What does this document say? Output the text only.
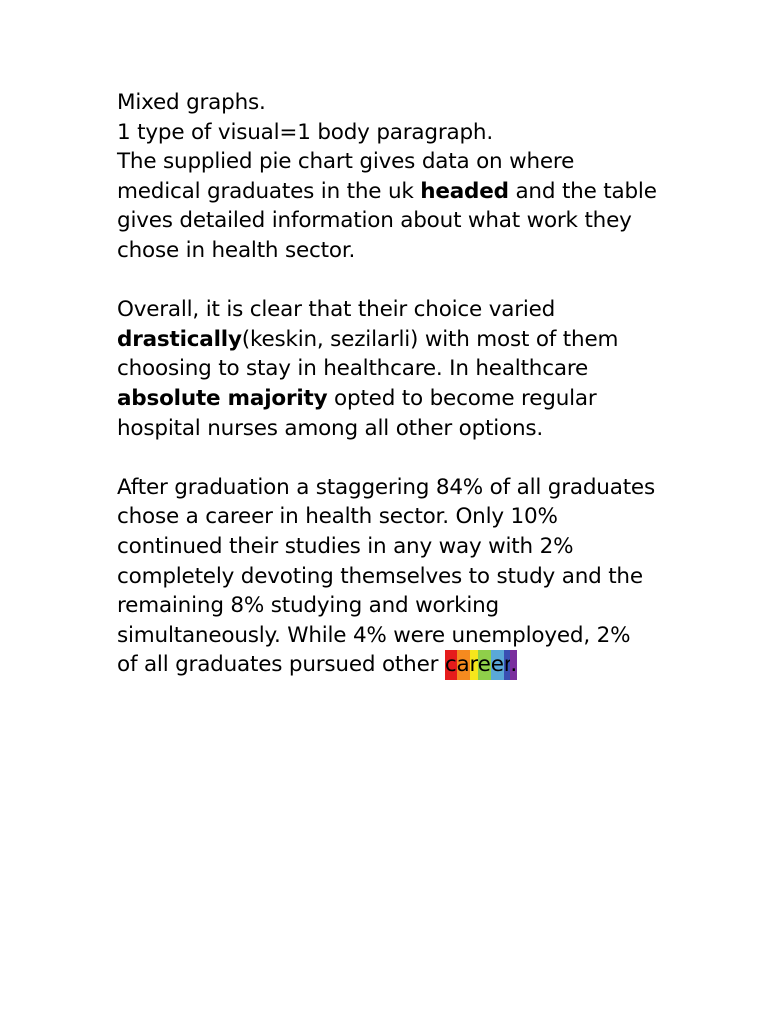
Mixed graphs.

1 type of visual=1 body paragraph.

The supplied pie chart gives data on where medical graduates in the uk headed and the table gives detailed information about what work they chose in health sector.

Overall, it is clear that their choice varied drastically(keskin, sezilarli) with most of them choosing to stay in healthcare. In healthcare absolute majority opted to become regular hospital nurses among all other options.

After graduation a staggering 84% of all graduates chose a career in health sector. Only 10% continued their studies in any way with 2% completely devoting themselves to study and the remaining 8% studying and working simultaneously. While 4% were unemployed, 2% of all graduates pursued other career.
